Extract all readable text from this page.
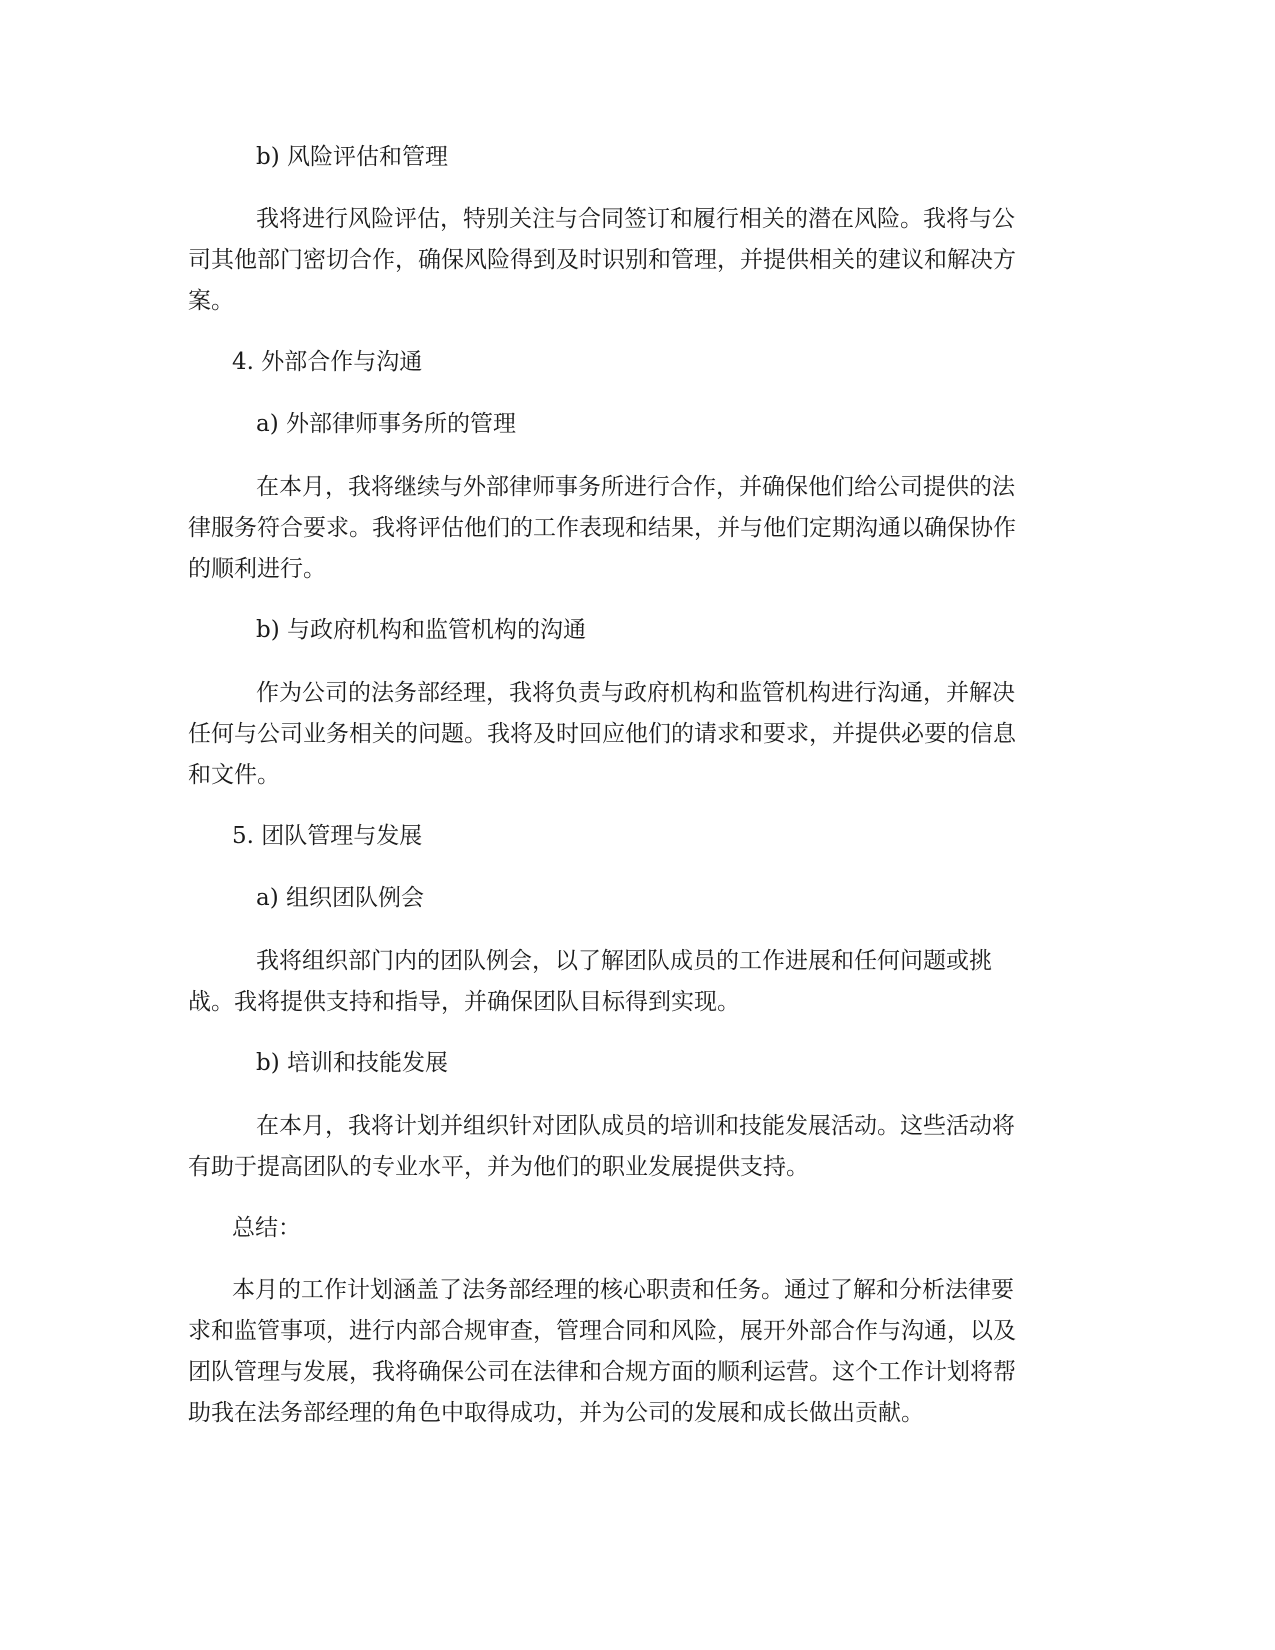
b) 风险评估和管理
我将进行风险评估，特别关注与合同签订和履行相关的潜在风险。我将与公
司其他部门密切合作，确保风险得到及时识别和管理，并提供相关的建议和解决方
案。
4. 外部合作与沟通
a) 外部律师事务所的管理
在本月，我将继续与外部律师事务所进行合作，并确保他们给公司提供的法
律服务符合要求。我将评估他们的工作表现和结果，并与他们定期沟通以确保协作
的顺利进行。
b) 与政府机构和监管机构的沟通
作为公司的法务部经理，我将负责与政府机构和监管机构进行沟通，并解决
任何与公司业务相关的问题。我将及时回应他们的请求和要求，并提供必要的信息
和文件。
5. 团队管理与发展
a) 组织团队例会
我将组织部门内的团队例会，以了解团队成员的工作进展和任何问题或挑
战。我将提供支持和指导，并确保团队目标得到实现。
b) 培训和技能发展
在本月，我将计划并组织针对团队成员的培训和技能发展活动。这些活动将
有助于提高团队的专业水平，并为他们的职业发展提供支持。
总结：
本月的工作计划涵盖了法务部经理的核心职责和任务。通过了解和分析法律要
求和监管事项，进行内部合规审查，管理合同和风险，展开外部合作与沟通，以及
团队管理与发展，我将确保公司在法律和合规方面的顺利运营。这个工作计划将帮
助我在法务部经理的角色中取得成功，并为公司的发展和成长做出贡献。
